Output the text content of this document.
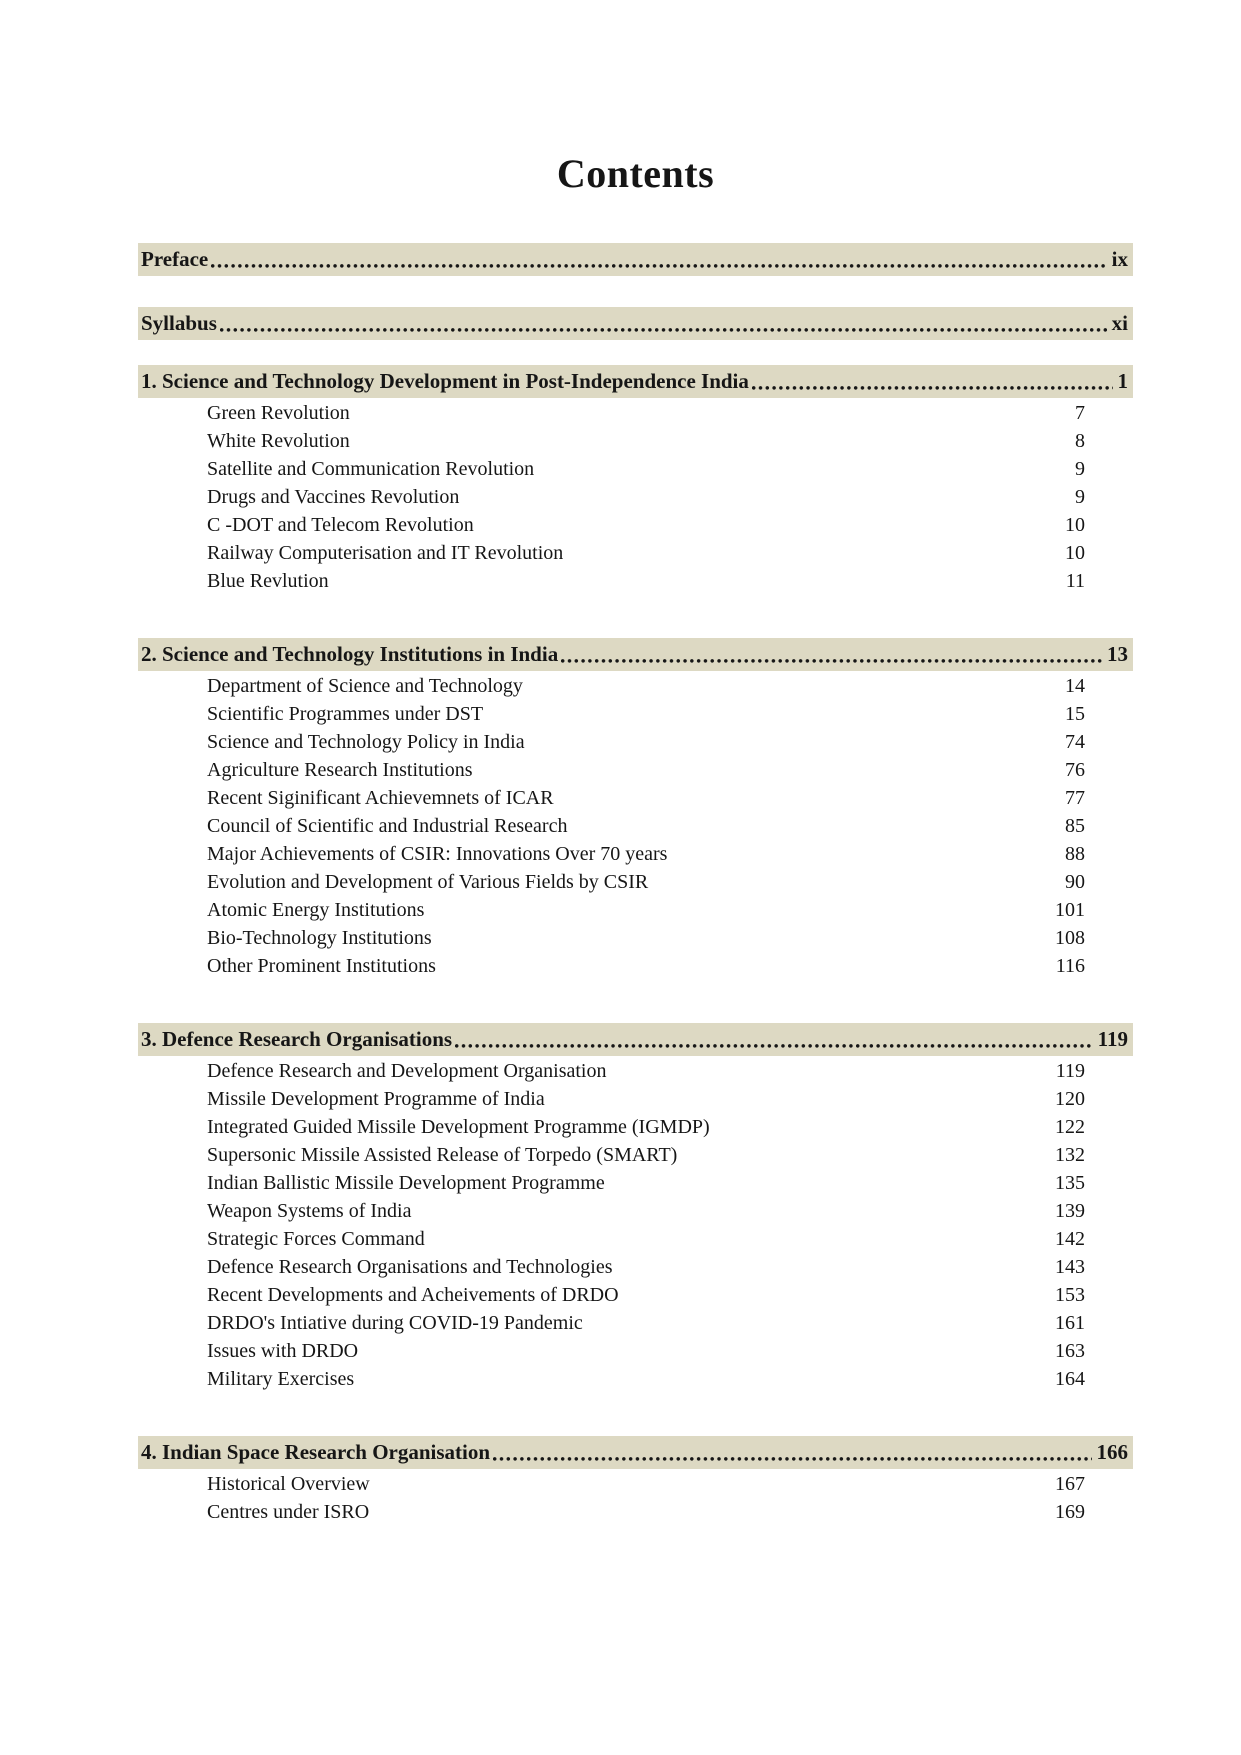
Contents
Preface	ix
Syllabus	xi
1. Science and Technology Development in Post-Independence India	1
Green Revolution	7
White Revolution	8
Satellite and Communication Revolution	9
Drugs and Vaccines Revolution	9
C -DOT and Telecom Revolution	10
Railway Computerisation and IT Revolution	10
Blue Revlution	11
2. Science and Technology Institutions in India	13
Department of Science and Technology	14
Scientific Programmes under DST	15
Science and Technology Policy in India	74
Agriculture Research Institutions	76
Recent Siginificant Achievemnets of ICAR	77
Council of Scientific and Industrial Research	85
Major Achievements of CSIR: Innovations Over 70 years	88
Evolution and Development of Various Fields by CSIR	90
Atomic Energy Institutions	101
Bio-Technology Institutions	108
Other Prominent Institutions	116
3. Defence Research Organisations	119
Defence Research and Development Organisation	119
Missile Development Programme of India	120
Integrated Guided Missile Development Programme (IGMDP)	122
Supersonic Missile Assisted Release of Torpedo (SMART)	132
Indian Ballistic Missile Development Programme	135
Weapon Systems of India	139
Strategic Forces Command	142
Defence Research Organisations and Technologies	143
Recent Developments and Acheivements of DRDO	153
DRDO's Intiative during COVID-19 Pandemic	161
Issues with DRDO	163
Military Exercises	164
4. Indian Space Research Organisation	166
Historical Overview	167
Centres under ISRO	169
